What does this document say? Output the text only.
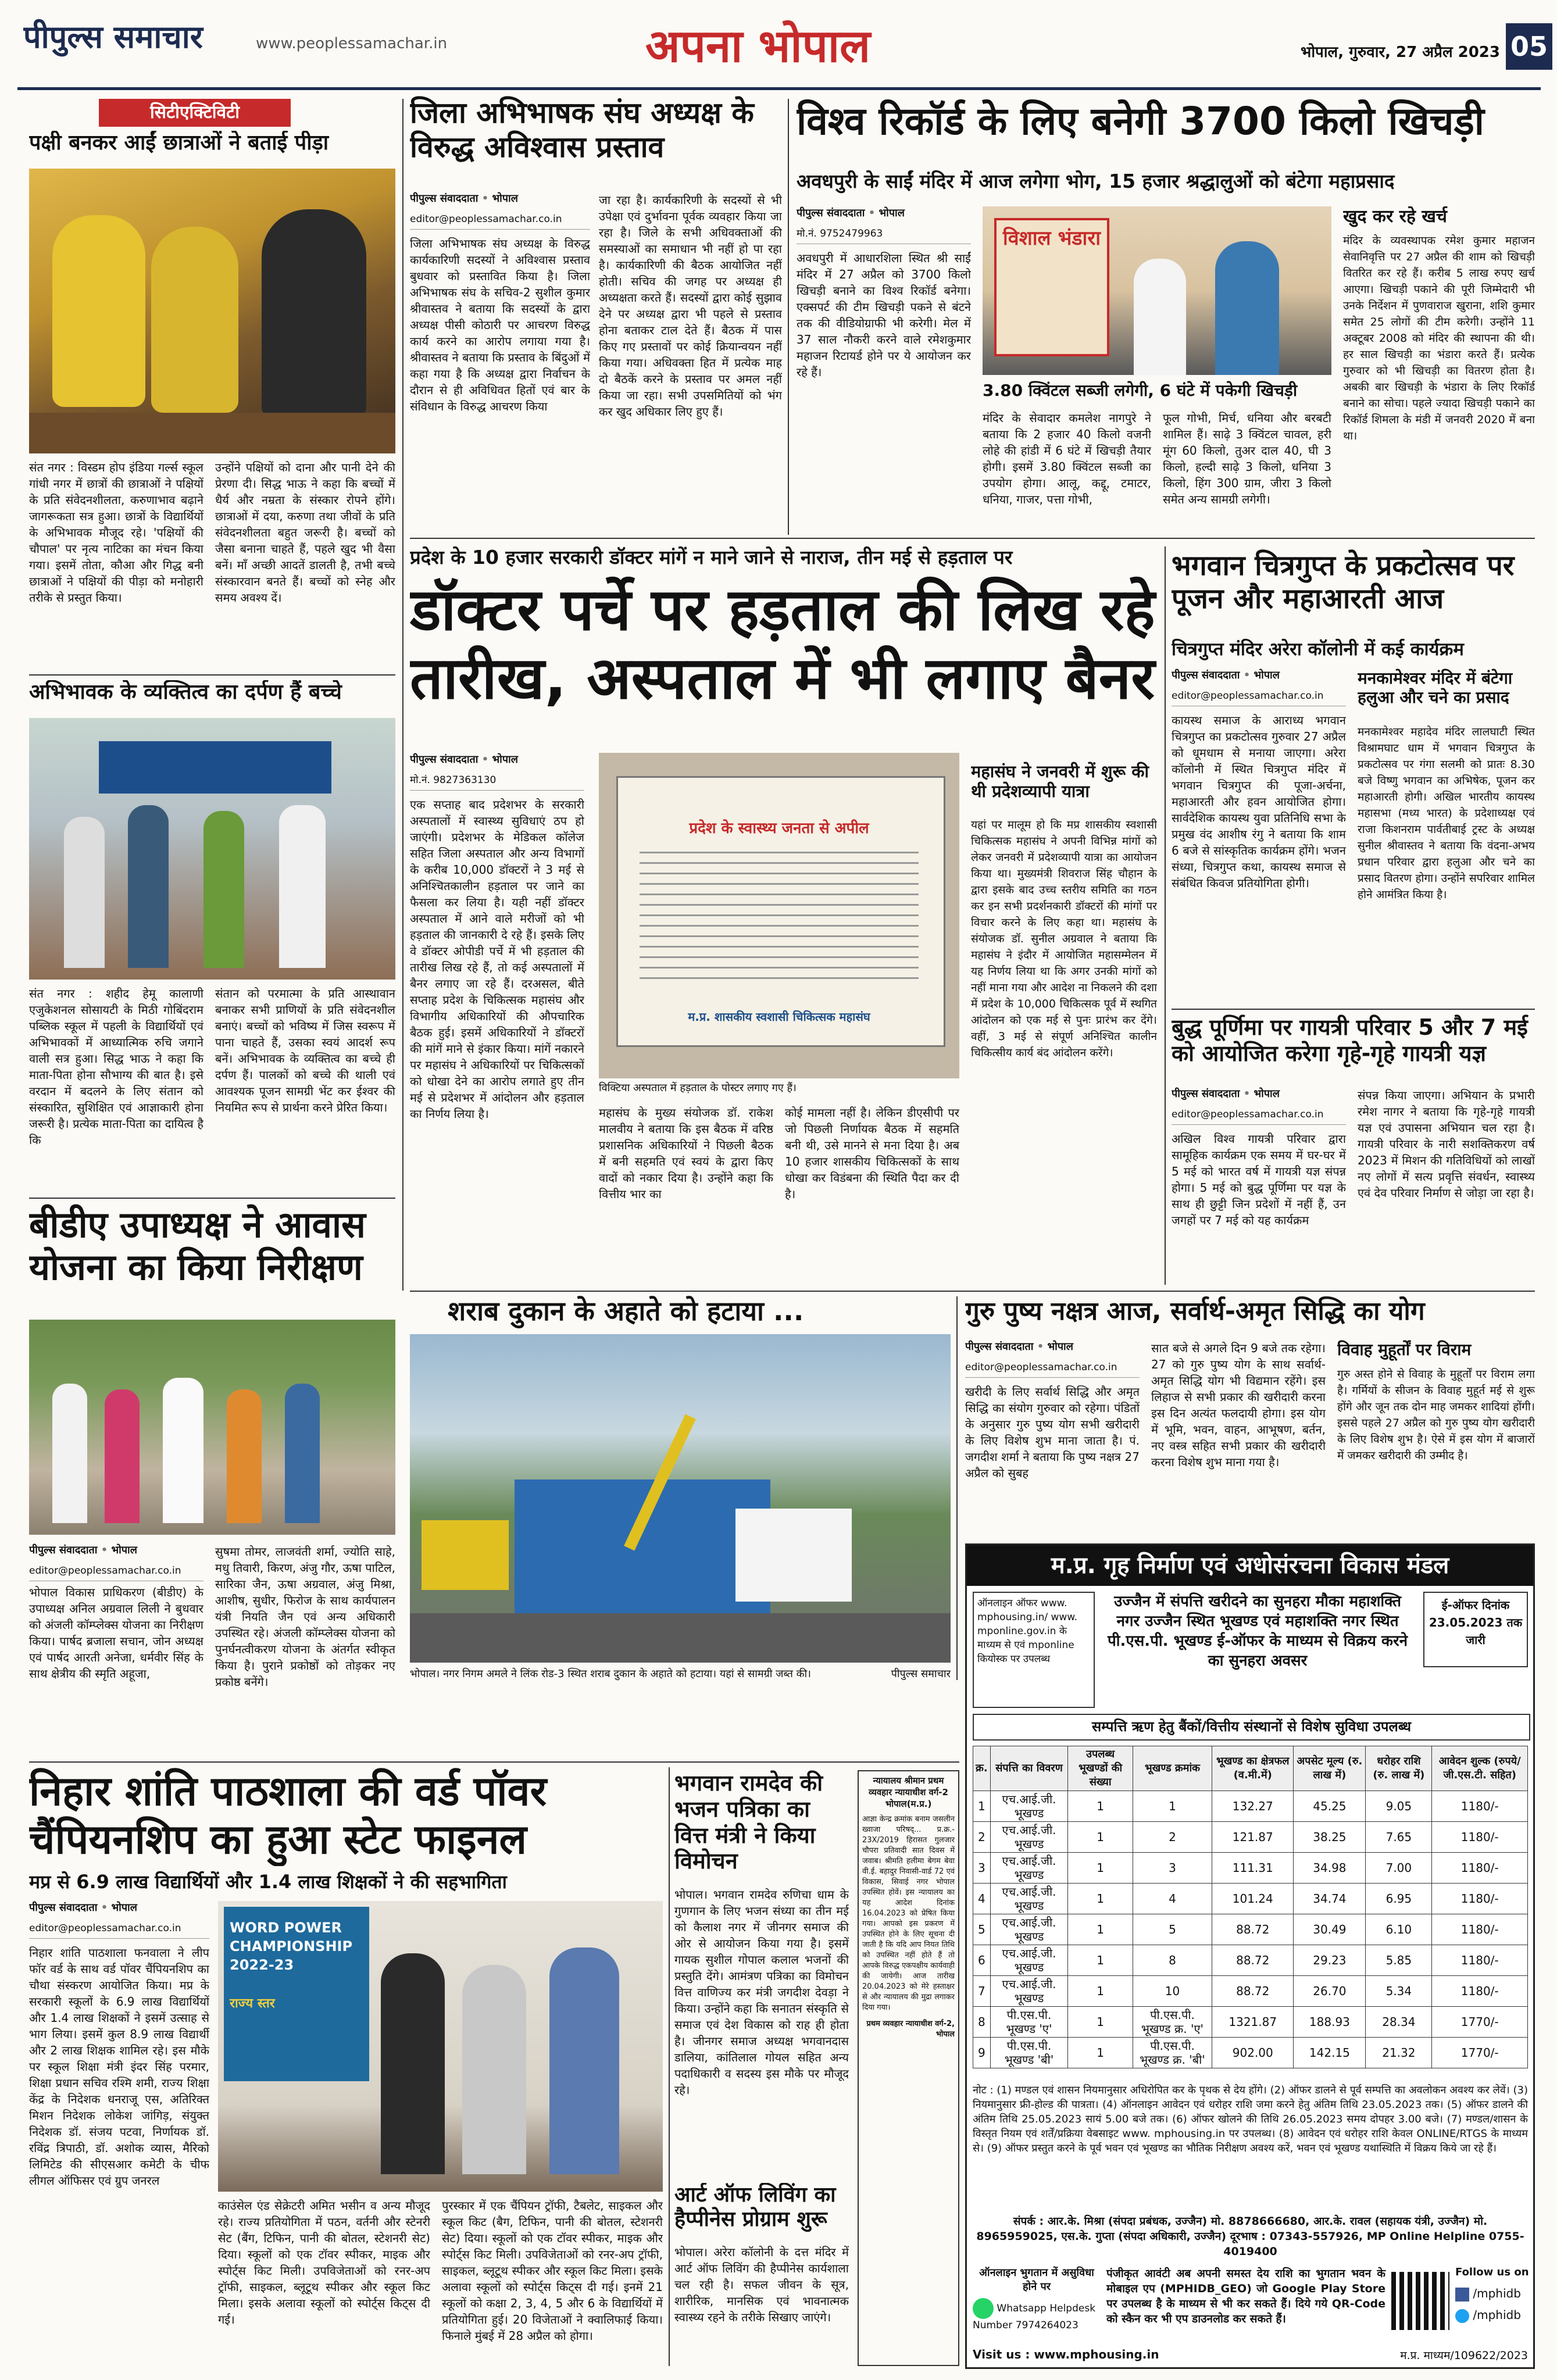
पीपुल्स समाचार	www.peoplessamachar.in	अपना भोपाल	भोपाल, गुरुवार, 27 अप्रैल 2023 05
सिटीएक्टिविटी
पक्षी बनकर आईं छात्राओं ने बताई पीड़ा
संत नगर : विस्डम होप इंडिया गर्ल्स स्कूल गांधी नगर में छात्रों की छात्राओं ने पक्षियों के प्रति संवेदनशीलता, करुणाभाव बढ़ाने जागरूकता सत्र हुआ। छात्रों के विद्यार्थियों के अभिभावक मौजूद रहे। 'पक्षियों की चौपाल' पर नृत्य नाटिका का मंचन किया गया। इसमें तोता, कौआ और गिद्ध बनी छात्राओं ने पक्षियों की पीड़ा को मनोहारी तरीके से प्रस्तुत किया।
उन्होंने पक्षियों को दाना और पानी देने की प्रेरणा दी। सिद्ध भाऊ ने कहा कि बच्चों में धैर्य और नम्रता के संस्कार रोपने होंगे। छात्राओं में दया, करुणा तथा जीवों के प्रति संवेदनशीलता बहुत जरूरी है। बच्चों को जैसा बनाना चाहते हैं, पहले खुद भी वैसा बनें। माँ अच्छी आदतें डालती है, तभी बच्चे संस्कारवान बनते हैं। बच्चों को स्नेह और समय अवश्य दें।
अभिभावक के व्यक्तित्व का दर्पण हैं बच्चे
संत नगर : शहीद हेमू कालाणी एजुकेशनल सोसायटी के मिठी गोबिंदराम पब्लिक स्कूल में पहली के विद्यार्थियों एवं अभिभावकों में आध्यात्मिक रुचि जगाने वाली सत्र हुआ। सिद्ध भाऊ ने कहा कि माता-पिता होना सौभाग्य की बात है। इसे वरदान में बदलने के लिए संतान को संस्कारित, सुशिक्षित एवं आज्ञाकारी होना जरूरी है। प्रत्येक माता-पिता का दायित्व है कि
संतान को परमात्मा के प्रति आस्थावान बनाकर सभी प्राणियों के प्रति संवेदनशील बनाएं। बच्चों को भविष्य में जिस स्वरूप में पाना चाहते हैं, उसका स्वयं आदर्श रूप बनें। अभिभावक के व्यक्तित्व का बच्चे ही दर्पण हैं। पालकों को बच्चे की थाली एवं आवश्यक पूजन सामग्री भेंट कर ईश्वर की नियमित रूप से प्रार्थना करने प्रेरित किया।
बीडीए उपाध्यक्ष ने आवास योजना का किया निरीक्षण
पीपुल्स संवाददाता • भोपाल
editor@peoplessamachar.co.in
भोपाल विकास प्राधिकरण (बीडीए) के उपाध्यक्ष अनिल अग्रवाल लिली ने बुधवार को अंजली कॉम्प्लेक्स योजना का निरीक्षण किया। पार्षद ब्रजाला सचान, जोन अध्यक्ष एवं पार्षद आरती अनेजा, धर्मवीर सिंह के साथ क्षेत्रीय की स्मृति अहूजा,
सुषमा तोमर, लाजवंती शर्मा, ज्योति साहे, मधु तिवारी, किरण, अंजु गौर, ऊषा पाटिल, सारिका जैन, ऊषा अग्रवाल, अंजु मिश्रा, आशीष, सुधीर, फिरोज के साथ कार्यपालन यंत्री नियति जैन एवं अन्य अधिकारी उपस्थित रहे। अंजली कॉम्प्लेक्स योजना को पुनर्घनत्वीकरण योजना के अंतर्गत स्वीकृत किया है। पुराने प्रकोष्ठों को तोड़कर नए प्रकोष्ठ बनेंगे।
जिला अभिभाषक संघ अध्यक्ष के विरुद्ध अविश्वास प्रस्ताव
पीपुल्स संवाददाता • भोपाल
editor@peoplessamachar.co.in
जिला अभिभाषक संघ अध्यक्ष के विरुद्ध कार्यकारिणी सदस्यों ने अविश्वास प्रस्ताव बुधवार को प्रस्तावित किया है। जिला अभिभाषक संघ के सचिव-2 सुशील कुमार श्रीवास्तव ने बताया कि सदस्यों के द्वारा अध्यक्ष पीसी कोठारी पर आचरण विरुद्ध कार्य करने का आरोप लगाया गया है। श्रीवास्तव ने बताया कि प्रस्ताव के बिंदुओं में कहा गया है कि अध्यक्ष द्वारा निर्वाचन के दौरान से ही अविधिवत हितों एवं बार के संविधान के विरुद्ध आचरण किया
जा रहा है। कार्यकारिणी के सदस्यों से भी उपेक्षा एवं दुर्भावना पूर्वक व्यवहार किया जा रहा है। जिले के सभी अधिवक्ताओं की समस्याओं का समाधान भी नहीं हो पा रहा है। कार्यकारिणी की बैठक आयोजित नहीं होती। सचिव की जगह पर अध्यक्ष ही अध्यक्षता करते हैं। सदस्यों द्वारा कोई सुझाव देने पर अध्यक्ष द्वारा भी पहले से प्रस्ताव होना बताकर टाल देते हैं। बैठक में पास किए गए प्रस्तावों पर कोई क्रियान्वयन नहीं किया गया। अधिवक्ता हित में प्रत्येक माह दो बैठकें करने के प्रस्ताव पर अमल नहीं किया जा रहा। सभी उपसमितियों को भंग कर खुद अधिकार लिए हुए हैं।
विश्व रिकॉर्ड के लिए बनेगी 3700 किलो खिचड़ी
अवधपुरी के साईं मंदिर में आज लगेगा भोग, 15 हजार श्रद्धालुओं को बंटेगा महाप्रसाद
पीपुल्स संवाददाता • भोपाल
मो.नं. 9752479963
अवधपुरी में आधारशिला स्थित श्री साईं मंदिर में 27 अप्रैल को 3700 किलो खिचड़ी बनाने का विश्व रिकॉर्ड बनेगा। एक्सपर्ट की टीम खिचड़ी पकने से बंटने तक की वीडियोग्राफी भी करेगी। मेल में 37 साल नौकरी करने वाले रमेशकुमार महाजन रिटायर्ड होने पर ये आयोजन कर रहे हैं।
विशाल भंडारा
3.80 क्विंटल सब्जी लगेगी, 6 घंटे में पकेगी खिचड़ी
मंदिर के सेवादार कमलेश नागपुरे ने बताया कि 2 हजार 40 किलो वजनी लोहे की हांडी में 6 घंटे में खिचड़ी तैयार होगी। इसमें 3.80 क्विंटल सब्जी का उपयोग होगा। आलू, कद्दू, टमाटर, धनिया, गाजर, पत्ता गोभी,
फूल गोभी, मिर्च, धनिया और बरबटी शामिल हैं। साढ़े 3 क्विंटल चावल, हरी मूंग 60 किलो, तुअर दाल 40, घी 3 किलो, हल्दी साढ़े 3 किलो, धनिया 3 किलो, हिंग 300 ग्राम, जीरा 3 किलो समेत अन्य सामग्री लगेगी।
खुद कर रहे खर्च
मंदिर के व्यवस्थापक रमेश कुमार महाजन सेवानिवृत्ति पर 27 अप्रैल की शाम को खिचड़ी वितरित कर रहे हैं। करीब 5 लाख रुपए खर्च आएगा। खिचड़ी पकाने की पूरी जिम्मेदारी भी उनके निर्देशन में पुणवाराज खुराना, शशि कुमार समेत 25 लोगों की टीम करेगी। उन्होंने 11 अक्टूबर 2008 को मंदिर की स्थापना की थी। हर साल खिचड़ी का भंडारा करते हैं। प्रत्येक गुरुवार को भी खिचड़ी का वितरण होता है। अबकी बार खिचड़ी के भंडारा के लिए रिकॉर्ड बनाने का सोचा। पहले ज्यादा खिचड़ी पकाने का रिकॉर्ड शिमला के मंडी में जनवरी 2020 में बना था।
प्रदेश के 10 हजार सरकारी डॉक्टर मांगें न माने जाने से नाराज, तीन मई से हड़ताल पर
डॉक्टर पर्चे पर हड़ताल की लिख रहे तारीख, अस्पताल में भी लगाए बैनर
पीपुल्स संवाददाता • भोपाल
मो.नं. 9827363130
एक सप्ताह बाद प्रदेशभर के सरकारी अस्पतालों में स्वास्थ्य सुविधाएं ठप हो जाएंगी। प्रदेशभर के मेडिकल कॉलेज सहित जिला अस्पताल और अन्य विभागों के करीब 10,000 डॉक्टरों ने 3 मई से अनिश्चितकालीन हड़ताल पर जाने का फैसला कर लिया है। यही नहीं डॉक्टर अस्पताल में आने वाले मरीजों को भी हड़ताल की जानकारी दे रहे हैं। इसके लिए वे डॉक्टर ओपीडी पर्चे में भी हड़ताल की तारीख लिख रहे हैं, तो कई अस्पतालों में बैनर लगाए जा रहे हैं। दरअसल, बीते सप्ताह प्रदेश के चिकित्सक महासंघ और विभागीय अधिकारियों की औपचारिक बैठक हुई। इसमें अधिकारियों ने डॉक्टरों की मांगें माने से इंकार किया। मांगें नकारने पर महासंघ ने अधिकारियों पर चिकित्सकों को धोखा देने का आरोप लगाते हुए तीन मई से प्रदेशभर में आंदोलन और हड़ताल का निर्णय लिया है।
प्रदेश के स्वास्थ्य जनता से अपील
म.प्र. शासकीय स्वशासी चिकित्सक महासंघ
विक्टिया अस्पताल में हड़ताल के पोस्टर लगाए गए हैं।
महासंघ के मुख्य संयोजक डॉ. राकेश मालवीय ने बताया कि इस बैठक में वरिष्ठ प्रशासनिक अधिकारियों ने पिछली बैठक में बनी सहमति एवं स्वयं के द्वारा किए वादों को नकार दिया है। उन्होंने कहा कि वित्तीय भार का
कोई मामला नहीं है। लेकिन डीएसीपी पर जो पिछली निर्णायक बैठक में सहमति बनी थी, उसे मानने से मना दिया है। अब 10 हजार शासकीय चिकित्सकों के साथ धोखा कर विडंबना की स्थिति पैदा कर दी है।
महासंघ ने जनवरी में शुरू की थी प्रदेशव्यापी यात्रा
यहां पर मालूम हो कि मप्र शासकीय स्वशासी चिकित्सक महासंघ ने अपनी विभिन्न मांगों को लेकर जनवरी में प्रदेशव्यापी यात्रा का आयोजन किया था। मुख्यमंत्री शिवराज सिंह चौहान के द्वारा इसके बाद उच्च स्तरीय समिति का गठन कर इन सभी प्रदर्शनकारी डॉक्टरों की मांगों पर विचार करने के लिए कहा था। महासंघ के संयोजक डॉ. सुनील अग्रवाल ने बताया कि महासंघ ने इंदौर में आयोजित महासम्मेलन में यह निर्णय लिया था कि अगर उनकी मांगों को नहीं माना गया और आदेश ना निकलने की दशा में प्रदेश के 10,000 चिकित्सक पूर्व में स्थगित आंदोलन को एक मई से पुनः प्रारंभ कर देंगे। वहीं, 3 मई से संपूर्ण अनिश्चित कालीन चिकित्सीय कार्य बंद आंदोलन करेंगे।
भगवान चित्रगुप्त के प्रकटोत्सव पर पूजन और महाआरती आज
चित्रगुप्त मंदिर अरेरा कॉलोनी में कई कार्यक्रम
पीपुल्स संवाददाता • भोपाल
editor@peoplessamachar.co.in
कायस्थ समाज के आराध्य भगवान चित्रगुप्त का प्रकटोत्सव गुरुवार 27 अप्रैल को धूमधाम से मनाया जाएगा। अरेरा कॉलोनी में स्थित चित्रगुप्त मंदिर में भगवान चित्रगुप्त की पूजा-अर्चना, महाआरती और हवन आयोजित होगा। सार्वदेशिक कायस्थ युवा प्रतिनिधि सभा के प्रमुख वंद आशीष रंगु ने बताया कि शाम 6 बजे से सांस्कृतिक कार्यक्रम होंगे। भजन संध्या, चित्रगुप्त कथा, कायस्थ समाज से संबंधित किवज प्रतियोगिता होगी।
मनकामेश्वर मंदिर में बंटेगा हलुआ और चने का प्रसाद
मनकामेश्वर महादेव मंदिर लालघाटी स्थित विश्रामघाट धाम में भगवान चित्रगुप्त के प्रकटोत्सव पर गंगा सलमी को प्रातः 8.30 बजे विष्णु भगवान का अभिषेक, पूजन कर महाआरती होगी। अखिल भारतीय कायस्थ महासभा (मध्य भारत) के प्रदेशाध्यक्ष एवं राजा किशनराम पार्वतीबाई ट्रस्ट के अध्यक्ष सुनील श्रीवास्तव ने बताया कि वंदना-अभय प्रधान परिवार द्वारा हलुआ और चने का प्रसाद वितरण होगा। उन्होंने सपरिवार शामिल होने आमंत्रित किया है।
बुद्ध पूर्णिमा पर गायत्री परिवार 5 और 7 मई को आयोजित करेगा गृहे-गृहे गायत्री यज्ञ
पीपुल्स संवाददाता • भोपाल
editor@peoplessamachar.co.in
अखिल विश्व गायत्री परिवार द्वारा सामूहिक कार्यक्रम एक समय में घर-घर में 5 मई को भारत वर्ष में गायत्री यज्ञ संपन्न होगा। 5 मई को बुद्ध पूर्णिमा पर यज्ञ के साथ ही छुट्टी जिन प्रदेशों में नहीं हैं, उन जगहों पर 7 मई को यह कार्यक्रम
संपन्न किया जाएगा। अभियान के प्रभारी रमेश नागर ने बताया कि गृहे-गृहे गायत्री यज्ञ एवं उपासना अभियान चल रहा है। गायत्री परिवार के नारी सशक्तिकरण वर्ष 2023 में मिशन की गतिविधियों को लाखों नए लोगों में सत्य प्रवृत्ति संवर्धन, स्वास्थ्य एवं देव परिवार निर्माण से जोड़ा जा रहा है।
शराब दुकान के अहाते को हटाया ...
भोपाल। नगर निगम अमले ने लिंक रोड-3 स्थित शराब दुकान के अहाते को हटाया। यहां से सामग्री जब्त की।	पीपुल्स समाचार
गुरु पुष्य नक्षत्र आज, सर्वार्थ-अमृत सिद्धि का योग
पीपुल्स संवाददाता • भोपाल
editor@peoplessamachar.co.in
खरीदी के लिए सर्वार्थ सिद्धि और अमृत सिद्धि का संयोग गुरुवार को रहेगा। पंडितों के अनुसार गुरु पुष्य योग सभी खरीदारी के लिए विशेष शुभ माना जाता है। पं. जगदीश शर्मा ने बताया कि पुष्य नक्षत्र 27 अप्रैल को सुबह
सात बजे से अगले दिन 9 बजे तक रहेगा। 27 को गुरु पुष्य योग के साथ सर्वार्थ-अमृत सिद्धि योग भी विद्यमान रहेंगे। इस लिहाज से सभी प्रकार की खरीदारी करना इस दिन अत्यंत फलदायी होगा। इस योग में भूमि, भवन, वाहन, आभूषण, बर्तन, नए वस्त्र सहित सभी प्रकार की खरीदारी करना विशेष शुभ माना गया है।
विवाह मुहूर्तों पर विराम
गुरु अस्त होने से विवाह के मुहूर्तों पर विराम लगा है। गर्मियों के सीजन के विवाह मुहूर्त मई से शुरू होंगे और जून तक दोन माह जमकर शादियां होंगी। इससे पहले 27 अप्रैल को गुरु पुष्य योग खरीदारी के लिए विशेष शुभ है। ऐसे में इस योग में बाजारों में जमकर खरीदारी की उम्मीद है।
म.प्र. गृह निर्माण एवं अधोसंरचना विकास मंडल
ऑनलाइन ऑफर www. mphousing.in/ www. mponline.gov.in के माध्यम से एवं mponline कियोस्क पर उपलब्ध
उज्जैन में संपत्ति खरीदने का सुनहरा मौका महाशक्ति नगर उज्जैन स्थित भूखण्ड एवं महाशक्ति नगर स्थित पी.एस.पी. भूखण्ड ई-ऑफर के माध्यम से विक्रय करने का सुनहरा अवसर
ई-ऑफर दिनांक 23.05.2023 तक जारी
सम्पत्ति ऋण हेतु बैंकों/वित्तीय संस्थानों से विशेष सुविधा उपलब्ध
क्र.	संपत्ति का विवरण	उपलब्ध भूखण्डों की संख्या	भूखण्ड क्रमांक	भूखण्ड का क्षेत्रफल (व.मी.में)	अपसेट मूल्य (रु. लाख में)	धरोहर राशि (रु. लाख में)	आवेदन शुल्क (रुपये/जी.एस.टी. सहित)
1	एच.आई.जी. भूखण्ड	1	1	132.27	45.25	9.05	1180/-
2	एच.आई.जी. भूखण्ड	1	2	121.87	38.25	7.65	1180/-
3	एच.आई.जी. भूखण्ड	1	3	111.31	34.98	7.00	1180/-
4	एच.आई.जी. भूखण्ड	1	4	101.24	34.74	6.95	1180/-
5	एच.आई.जी. भूखण्ड	1	5	88.72	30.49	6.10	1180/-
6	एच.आई.जी. भूखण्ड	1	8	88.72	29.23	5.85	1180/-
7	एच.आई.जी. भूखण्ड	1	10	88.72	26.70	5.34	1180/-
8	पी.एस.पी. भूखण्ड 'ए'	1	पी.एस.पी. भूखण्ड क्र. 'ए'	1321.87	188.93	28.34	1770/-
9	पी.एस.पी. भूखण्ड 'बी'	1	पी.एस.पी. भूखण्ड क्र. 'बी'	902.00	142.15	21.32	1770/-
नोट : (1) मण्डल एवं शासन नियमानुसार अधिरोपित कर के पृथक से देय होंगे। (2) ऑफर डालने से पूर्व सम्पत्ति का अवलोकन अवश्य कर लेवें। (3) नियमानुसार फ्री-होल्ड की पात्रता। (4) ऑनलाइन आवेदन एवं धरोहर राशि जमा करने हेतु अंतिम तिथि 23.05.2023 तक। (5) ऑफर डालने की अंतिम तिथि 25.05.2023 सायं 5.00 बजे तक। (6) ऑफर खोलने की तिथि 26.05.2023 समय दोपहर 3.00 बजे। (7) मण्डल/शासन के विस्तृत नियम एवं शर्तें/प्रक्रिया वेबसाइट www. mphousing.in पर उपलब्ध। (8) आवेदन एवं धरोहर राशि केवल ONLINE/RTGS के माध्यम से। (9) ऑफर प्रस्तुत करने के पूर्व भवन एवं भूखण्ड का भौतिक निरीक्षण अवश्य करें, भवन एवं भूखण्ड यथास्थिति में विक्रय किये जा रहे हैं।
संपर्क : आर.के. मिश्रा (संपदा प्रबंधक, उज्जैन) मो. 8878666680, आर.के. रावल (सहायक यंत्री, उज्जैन) मो. 8965959025, एस.के. गुप्ता (संपदा अधिकारी, उज्जैन) दूरभाष : 07343-557926, MP Online Helpline 0755-4019400
ऑनलाइन भुगतान में असुविधा होने पर
Whatsapp Helpdesk Number 7974264023
पंजीकृत आवंटी अब अपनी समस्त देय राशि का भुगतान भवन के मोबाइल एप (MPHIDB_GEO) जो Google Play Store पर उपलब्ध है के माध्यम से भी कर सकते हैं। दिये गये QR-Code को स्कैन कर भी एप डाउनलोड कर सकते हैं।
Follow us on
/mphidb
/mphidb
Visit us : www.mphousing.in	म.प्र. माध्यम/109622/2023
निहार शांति पाठशाला की वर्ड पॉवर चैंपियनशिप का हुआ स्टेट फाइनल
मप्र से 6.9 लाख विद्यार्थियों और 1.4 लाख शिक्षकों ने की सहभागिता
पीपुल्स संवाददाता • भोपाल
editor@peoplessamachar.co.in
निहार शांति पाठशाला फनवाला ने लीप फॉर वर्ड के साथ वर्ड पॉवर चैंपियनशिप का चौथा संस्करण आयोजित किया। मप्र के सरकारी स्कूलों के 6.9 लाख विद्यार्थियों और 1.4 लाख शिक्षकों ने इसमें उत्साह से भाग लिया। इसमें कुल 8.9 लाख विद्यार्थी और 2 लाख शिक्षक शामिल रहे। इस मौके पर स्कूल शिक्षा मंत्री इंदर सिंह परमार, शिक्षा प्रधान सचिव रश्मि शमी, राज्य शिक्षा केंद्र के निदेशक धनराजू एस, अतिरिक्त मिशन निदेशक लोकेश जांगिड़, संयुक्त निदेशक डॉ. संजय पटवा, निर्णायक डॉ. रविंद्र त्रिपाठी, डॉ. अशोक व्यास, मैरिको लिमिटेड की सीएसआर कमेटी के चीफ लीगल ऑफिसर एवं ग्रुप जनरल
WORD POWER CHAMPIONSHIP 2022-23
राज्य स्तर
काउंसेल एंड सेक्रेटरी अमित भसीन व अन्य मौजूद रहे। राज्य प्रतियोगिता में पठन, वर्तनी और स्टेनरी सेट (बैंग, टिफिन, पानी की बोतल, स्टेशनरी सेट) दिया। स्कूलों को एक टॉवर स्पीकर, माइक और स्पोर्ट्स किट मिली। उपविजेताओं को रनर-अप ट्रॉफी, साइकल, ब्लूटूथ स्पीकर और स्कूल किट मिला। इसके अलावा स्कूलों को स्पोर्ट्स किट्स दी गई।
पुरस्कार में एक चैंपियन ट्रॉफी, टैबलेट, साइकल और स्कूल किट (बैग, टिफिन, पानी की बोतल, स्टेशनरी सेट) दिया। स्कूलों को एक टॉवर स्पीकर, माइक और स्पोर्ट्स किट मिली। उपविजेताओं को रनर-अप ट्रॉफी, साइकल, ब्लूटूथ स्पीकर और स्कूल किट मिला। इसके अलावा स्कूलों को स्पोर्ट्स किट्स दी गई। इनमें 21 स्कूलों को कक्षा 2, 3, 4, 5 और 6 के विद्यार्थियों में प्रतियोगिता हुई। 20 विजेताओं ने क्वालिफाई किया। फिनाले मुंबई में 28 अप्रैल को होगा।
भगवान रामदेव की भजन पत्रिका का वित्त मंत्री ने किया विमोचन
भोपाल। भगवान रामदेव रुणिचा धाम के गुणगान के लिए भजन संध्या का तीन मई को कैलाश नगर में जीनगर समाज की ओर से आयोजन किया गया है। इसमें गायक सुशील गोपाल कलाल भजनों की प्रस्तुति देंगे। आमंत्रण पत्रिका का विमोचन वित्त वाणिज्य कर मंत्री जगदीश देवड़ा ने किया। उन्होंने कहा कि सनातन संस्कृति से समाज एवं देश विकास को राह ही होता है। जीनगर समाज अध्यक्ष भगवानदास डालिया, कांतिलाल गोयल सहित अन्य पदाधिकारी व सदस्य इस मौके पर मौजूद रहे।
आर्ट ऑफ लिविंग का हैप्पीनेस प्रोग्राम शुरू
भोपाल। अरेरा कॉलोनी के दत्त मंदिर में आर्ट ऑफ लिविंग की हैप्पीनेस कार्यशाला चल रही है। सफल जीवन के सूत्र, शारीरिक, मानसिक एवं भावनात्मक स्वास्थ्य रहने के तरीके सिखाए जाएंगे।
न्यायालय श्रीमान प्रथम व्यवहार न्यायाधीश वर्ग-2 भोपाल(म.प्र.)
आज्ञा केन्द्र क्रमांक बनाम जसलीन ख्वाजा परिषद्... प्र.क्र.- 23X/2019 हिरासत गुलजार चौपरा प्रतिवादी सात दिवस में जवाब। श्रीमति हलीमा बेगम बेवा वी.ई. बहादुर निवासी-वार्ड 72 एवं विकास, सिवाई नगर भोपाल उपस्थित होवें। इस न्यायालय का यह आदेश दिनांक 16.04.2023 को प्रेषित किया गया। आपको इस प्रकरण में उपस्थित होने के लिए सूचना दी जाती है कि यदि आप नियत तिथि को उपस्थित नहीं होते हैं तो आपके विरुद्ध एकपक्षीय कार्यवाही की जायेगी। आज तारीख 20.04.2023 को मेरे हस्ताक्षर से और न्यायालय की मुद्रा लगाकर दिया गया।
प्रथम व्यवहार न्यायाधीश वर्ग-2, भोपाल
